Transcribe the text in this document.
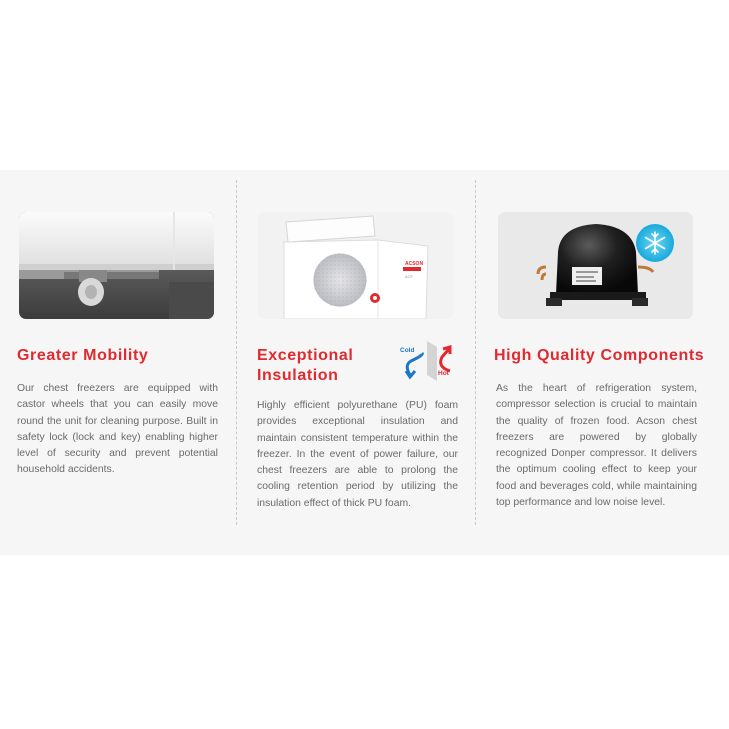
Greater Mobility
Our chest freezers are equipped with castor wheels that you can easily move round the unit for cleaning purpose. Built in safety lock (lock and key) enabling higher level of security and prevent potential household accidents.
ACSON
ACF
Exceptional Insulation
Cold
Hot
Highly efficient polyurethane (PU) foam provides exceptional insulation and maintain consistent temperature within the freezer. In the event of power failure, our chest freezers are able to prolong the cooling retention period by utilizing the insulation effect of thick PU foam.
High Quality Components
As the heart of refrigeration system, compressor selection is crucial to maintain the quality of frozen food. Acson chest freezers are powered by globally recognized Donper compressor. It delivers the optimum cooling effect to keep your food and beverages cold, while maintaining top performance and low noise level.
